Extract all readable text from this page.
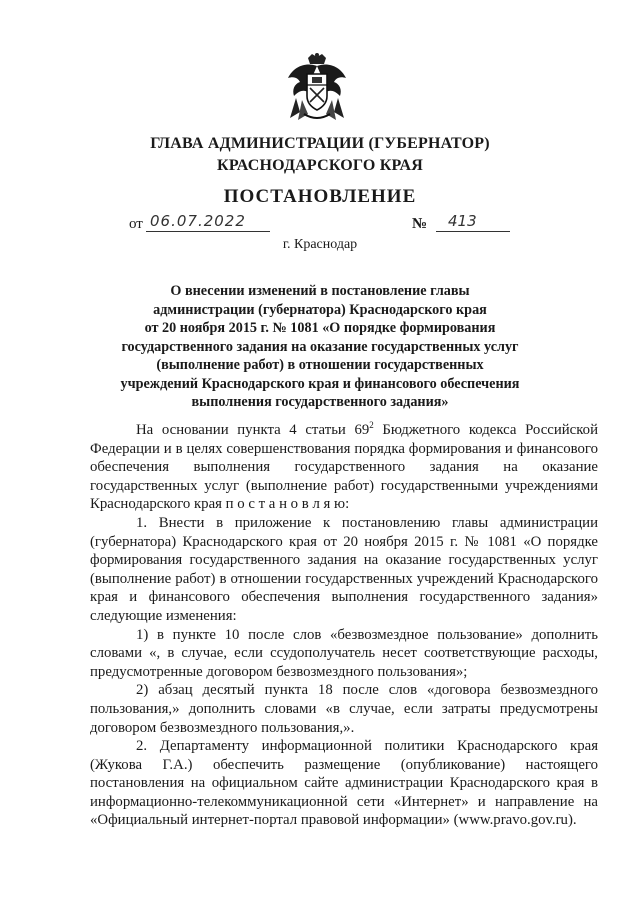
ГЛАВА АДМИНИСТРАЦИИ (ГУБЕРНАТОР)
КРАСНОДАРСКОГО КРАЯ
ПОСТАНОВЛЕНИЕ
от 06.07.2022	№ 413
г. Краснодар
О внесении изменений в постановление главы
администрации (губернатора) Краснодарского края
от 20 ноября 2015 г. № 1081 «О порядке формирования
государственного задания на оказание государственных услуг
(выполнение работ) в отношении государственных
учреждений Краснодарского края и финансового обеспечения
выполнения государственного задания»

На основании пункта 4 статьи $69^2$ Бюджетного кодекса Российской Федерации и в целях совершенствования порядка формирования и финансового обеспечения выполнения государственного задания на оказание государственных услуг (выполнение работ) государственными учреждениями Краснодарского края п о с т а н о в л я ю:

1. Внести в приложение к постановлению главы администрации (губернатора) Краснодарского края от 20 ноября 2015 г. № 1081 «О порядке формирования государственного задания на оказание государственных услуг (выполнение работ) в отношении государственных учреждений Краснодарского края и финансового обеспечения выполнения государственного задания» следующие изменения:

1) в пункте 10 после слов «безвозмездное пользование» дополнить словами «, в случае, если ссудополучатель несет соответствующие расходы, предусмотренные договором безвозмездного пользования»;

2) абзац десятый пункта 18 после слов «договора безвозмездного пользования,» дополнить словами «в случае, если затраты предусмотрены договором безвозмездного пользования,».

2. Департаменту информационной политики Краснодарского края (Жукова Г.А.) обеспечить размещение (опубликование) настоящего постановления на официальном сайте администрации Краснодарского края в информационно-телекоммуникационной сети «Интернет» и направление на «Официальный интернет-портал правовой информации» (www.pravo.gov.ru).
